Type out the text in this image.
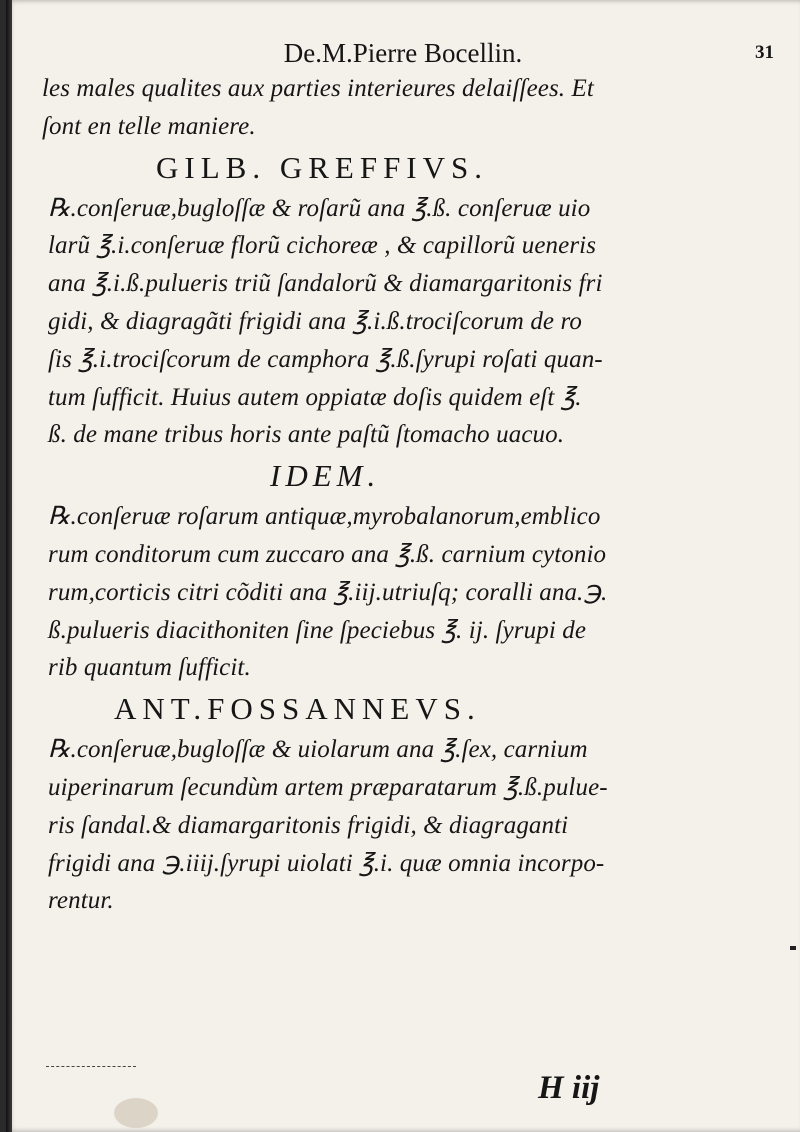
De.M.Pierre Bocellin.	31
les males qualites aux parties interieures delaiſſees. Et
ſont en telle maniere.
GILB. GREFFIVS.
℞.conſeruæ,bugloſſæ & roſarũ ana ℥.ß. conſeruæ uio
larũ ℥.i.conſeruæ florũ cichoreæ , & capillorũ ueneris
ana ℥.i.ß.pulueris triũ ſandalorũ & diamargaritonis fri
gidi, & diagragãti frigidi ana ℥.i.ß.trociſcorum de ro
ſis ℥.i.trociſcorum de camphora ℥.ß.ſyrupi roſati quan-
tum ſufficit. Huius autem oppiatæ doſis quidem eſt ℥.
ß. de mane tribus horis ante paſtũ ſtomacho uacuo.
IDEM.
℞.conſeruæ roſarum antiquæ,myrobalanorum,emblico
rum conditorum cum zuccaro ana ℥.ß. carnium cytonio
rum,corticis citri cõditi ana ℥.iij.utriuſq; coralli ana.℈.
ß.pulueris diacithoniten ſine ſpeciebus ℥. ij. ſyrupi de
rib quantum ſufficit.
ANT.FOSSANNEVS.
℞.conſeruæ,bugloſſæ & uiolarum ana ℥.ſex, carnium
uiperinarum ſecundùm artem præparatarum ℥.ß.pulue-
ris ſandal.& diamargaritonis frigidi, & diagraganti
frigidi ana ℈.iiij.ſyrupi uiolati ℥.i. quæ omnia incorpo-
rentur.
H iij
